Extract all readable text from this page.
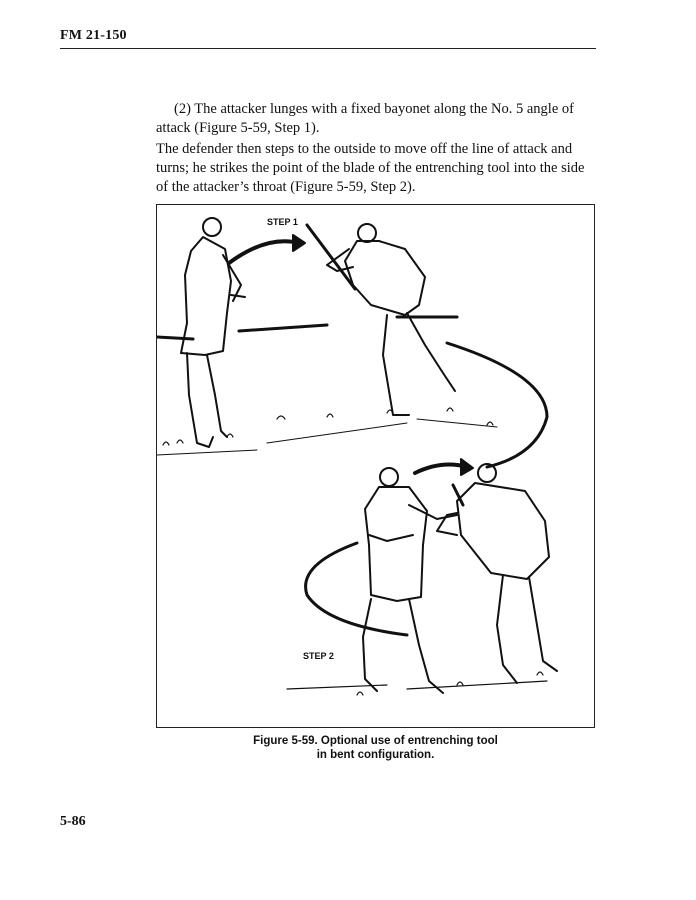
FM 21-150
(2) The attacker lunges with a fixed bayonet along the No. 5 angle of attack (Figure 5-59, Step 1).
The defender then steps to the outside to move off the line of attack and turns; he strikes the point of the blade of the entrenching tool into the side of the attacker’s throat (Figure 5-59, Step 2).
STEP 1
STEP 2
Figure 5-59. Optional use of entrenching tool
in bent configuration.
5-86
